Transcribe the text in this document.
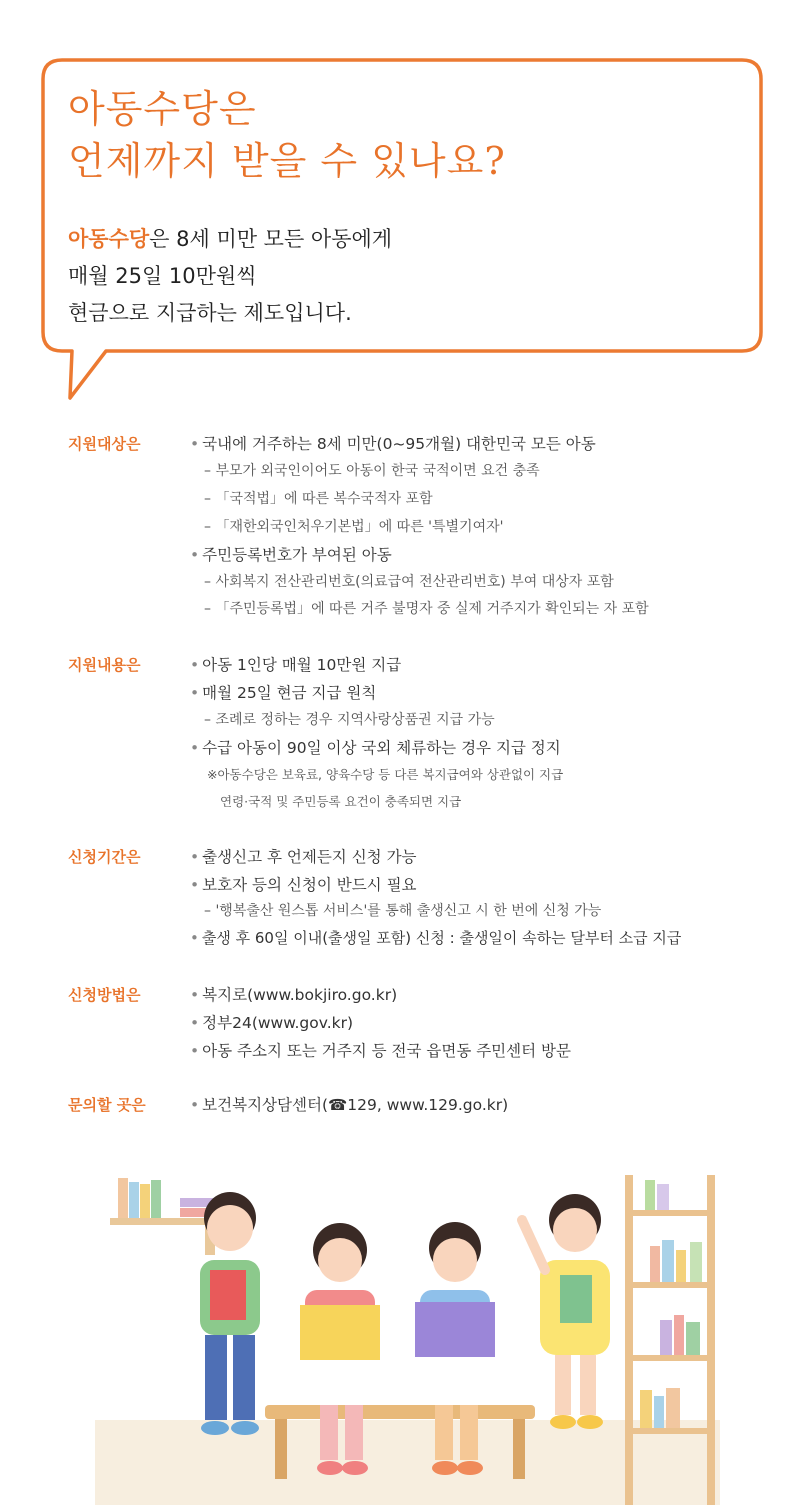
아동수당은
언제까지 받을 수 있나요?
아동수당은 8세 미만 모든 아동에게
매월 25일 10만원씩
현금으로 지급하는 제도입니다.
지원대상은	• 국내에 거주하는 8세 미만(0~95개월) 대한민국 모든 아동
– 부모가 외국인이어도 아동이 한국 국적이면 요건 충족
– 「국적법」에 따른 복수국적자 포함
– 「재한외국인처우기본법」에 따른 '특별기여자'
• 주민등록번호가 부여된 아동
– 사회복지 전산관리번호(의료급여 전산관리번호) 부여 대상자 포함
– 「주민등록법」에 따른 거주 불명자 중 실제 거주지가 확인되는 자 포함
지원내용은	• 아동 1인당 매월 10만원 지급
• 매월 25일 현금 지급 원칙
– 조례로 정하는 경우 지역사랑상품권 지급 가능
• 수급 아동이 90일 이상 국외 체류하는 경우 지급 정지
※아동수당은 보육료, 양육수당 등 다른 복지급여와 상관없이 지급
연령·국적 및 주민등록 요건이 충족되면 지급
신청기간은	• 출생신고 후 언제든지 신청 가능
• 보호자 등의 신청이 반드시 필요
– '행복출산 원스톱 서비스'를 통해 출생신고 시 한 번에 신청 가능
• 출생 후 60일 이내(출생일 포함) 신청 : 출생일이 속하는 달부터 소급 지급
신청방법은	• 복지로(www.bokjiro.go.kr)
• 정부24(www.gov.kr)
• 아동 주소지 또는 거주지 등 전국 읍면동 주민센터 방문
문의할 곳은	• 보건복지상담센터(☎129, www.129.go.kr)
